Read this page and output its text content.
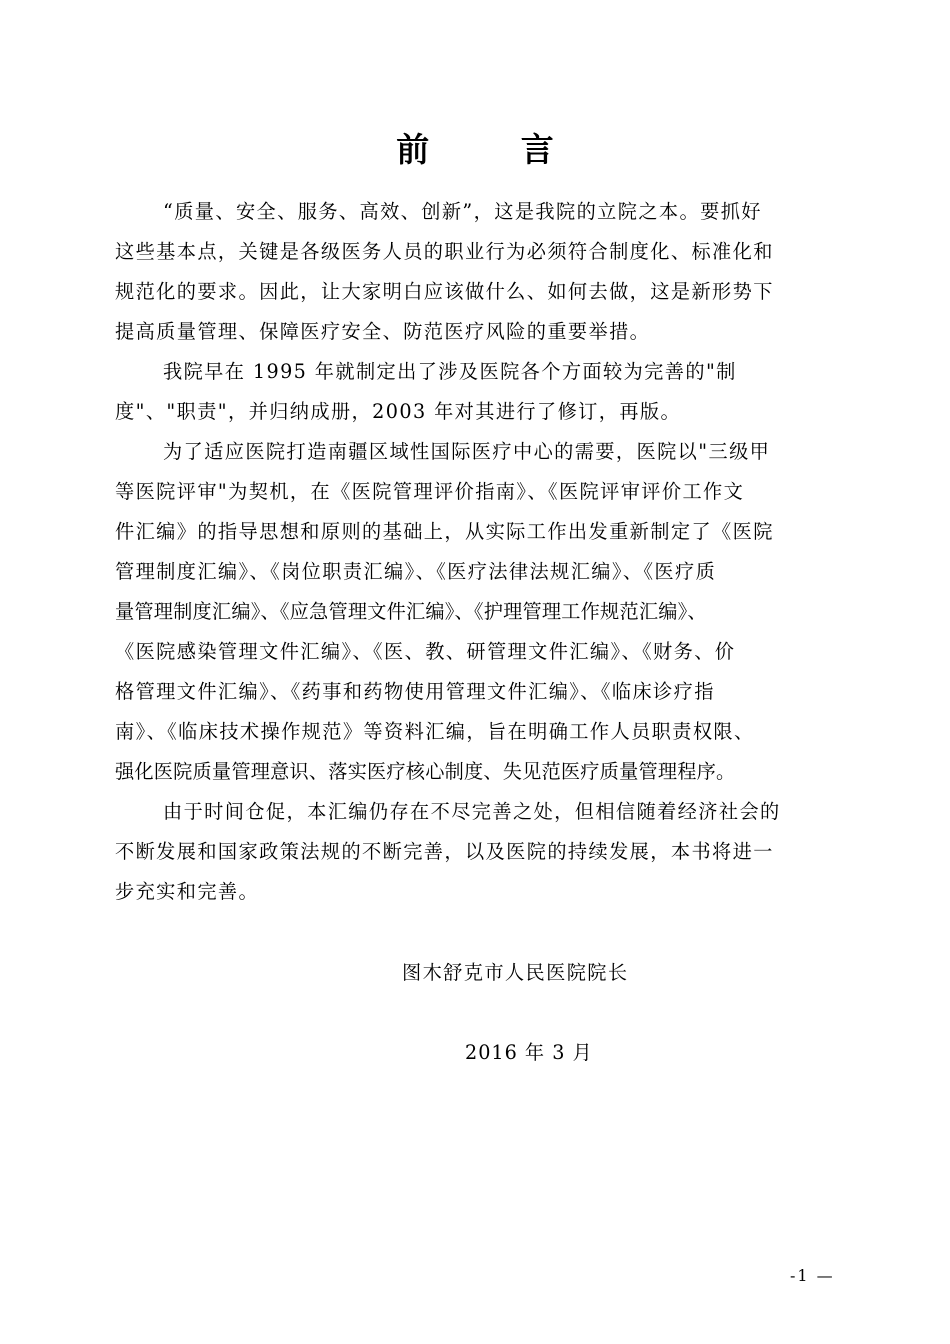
前 言
“质量、安全、服务、高效、创新”，这是我院的立院之本。要抓好
这些基本点，关键是各级医务人员的职业行为必须符合制度化、标准化和
规范化的要求。因此，让大家明白应该做什么、如何去做，这是新形势下
提高质量管理、保障医疗安全、防范医疗风险的重要举措。
我院早在 1995 年就制定出了涉及医院各个方面较为完善的"制
度"、"职责"，并归纳成册，2003 年对其进行了修订，再版。
为了适应医院打造南疆区域性国际医疗中心的需要，医院以"三级甲
等医院评审"为契机，在《医院管理评价指南》、《医院评审评价工作文
件汇编》的指导思想和原则的基础上，从实际工作出发重新制定了《医院
管理制度汇编》、《岗位职责汇编》、《医疗法律法规汇编》、《医疗质
量管理制度汇编》、《应急管理文件汇编》、《护理管理工作规范汇编》、
《医院感染管理文件汇编》、《医、教、研管理文件汇编》、《财务、价
格管理文件汇编》、《药事和药物使用管理文件汇编》、《临床诊疗指
南》、《临床技术操作规范》等资料汇编，旨在明确工作人员职责权限、
强化医院质量管理意识、落实医疗核心制度、失见范医疗质量管理程序。
由于时间仓促，本汇编仍存在不尽完善之处，但相信随着经济社会的
不断发展和国家政策法规的不断完善，以及医院的持续发展，本书将进一
步充实和完善。
图木舒克市人民医院院长
2016 年 3 月
-1 —
